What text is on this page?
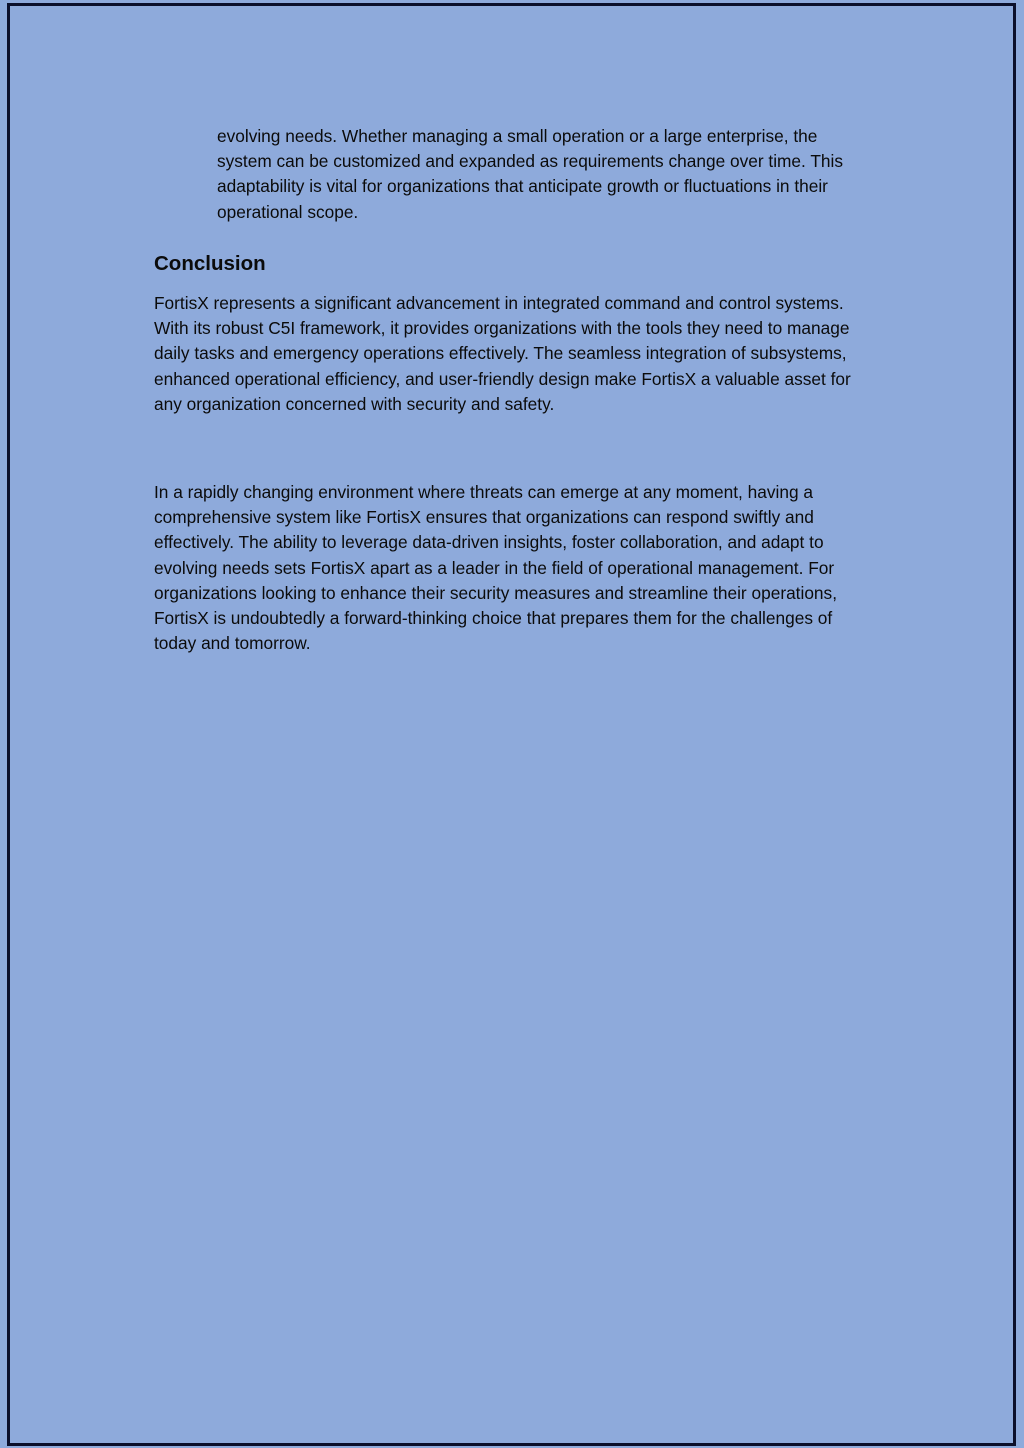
evolving needs. Whether managing a small operation or a large enterprise, the system can be customized and expanded as requirements change over time. This adaptability is vital for organizations that anticipate growth or fluctuations in their operational scope.

Conclusion

FortisX represents a significant advancement in integrated command and control systems. With its robust C5I framework, it provides organizations with the tools they need to manage daily tasks and emergency operations effectively. The seamless integration of subsystems, enhanced operational efficiency, and user-friendly design make FortisX a valuable asset for any organization concerned with security and safety.

In a rapidly changing environment where threats can emerge at any moment, having a comprehensive system like FortisX ensures that organizations can respond swiftly and effectively. The ability to leverage data-driven insights, foster collaboration, and adapt to evolving needs sets FortisX apart as a leader in the field of operational management. For organizations looking to enhance their security measures and streamline their operations, FortisX is undoubtedly a forward-thinking choice that prepares them for the challenges of today and tomorrow.
